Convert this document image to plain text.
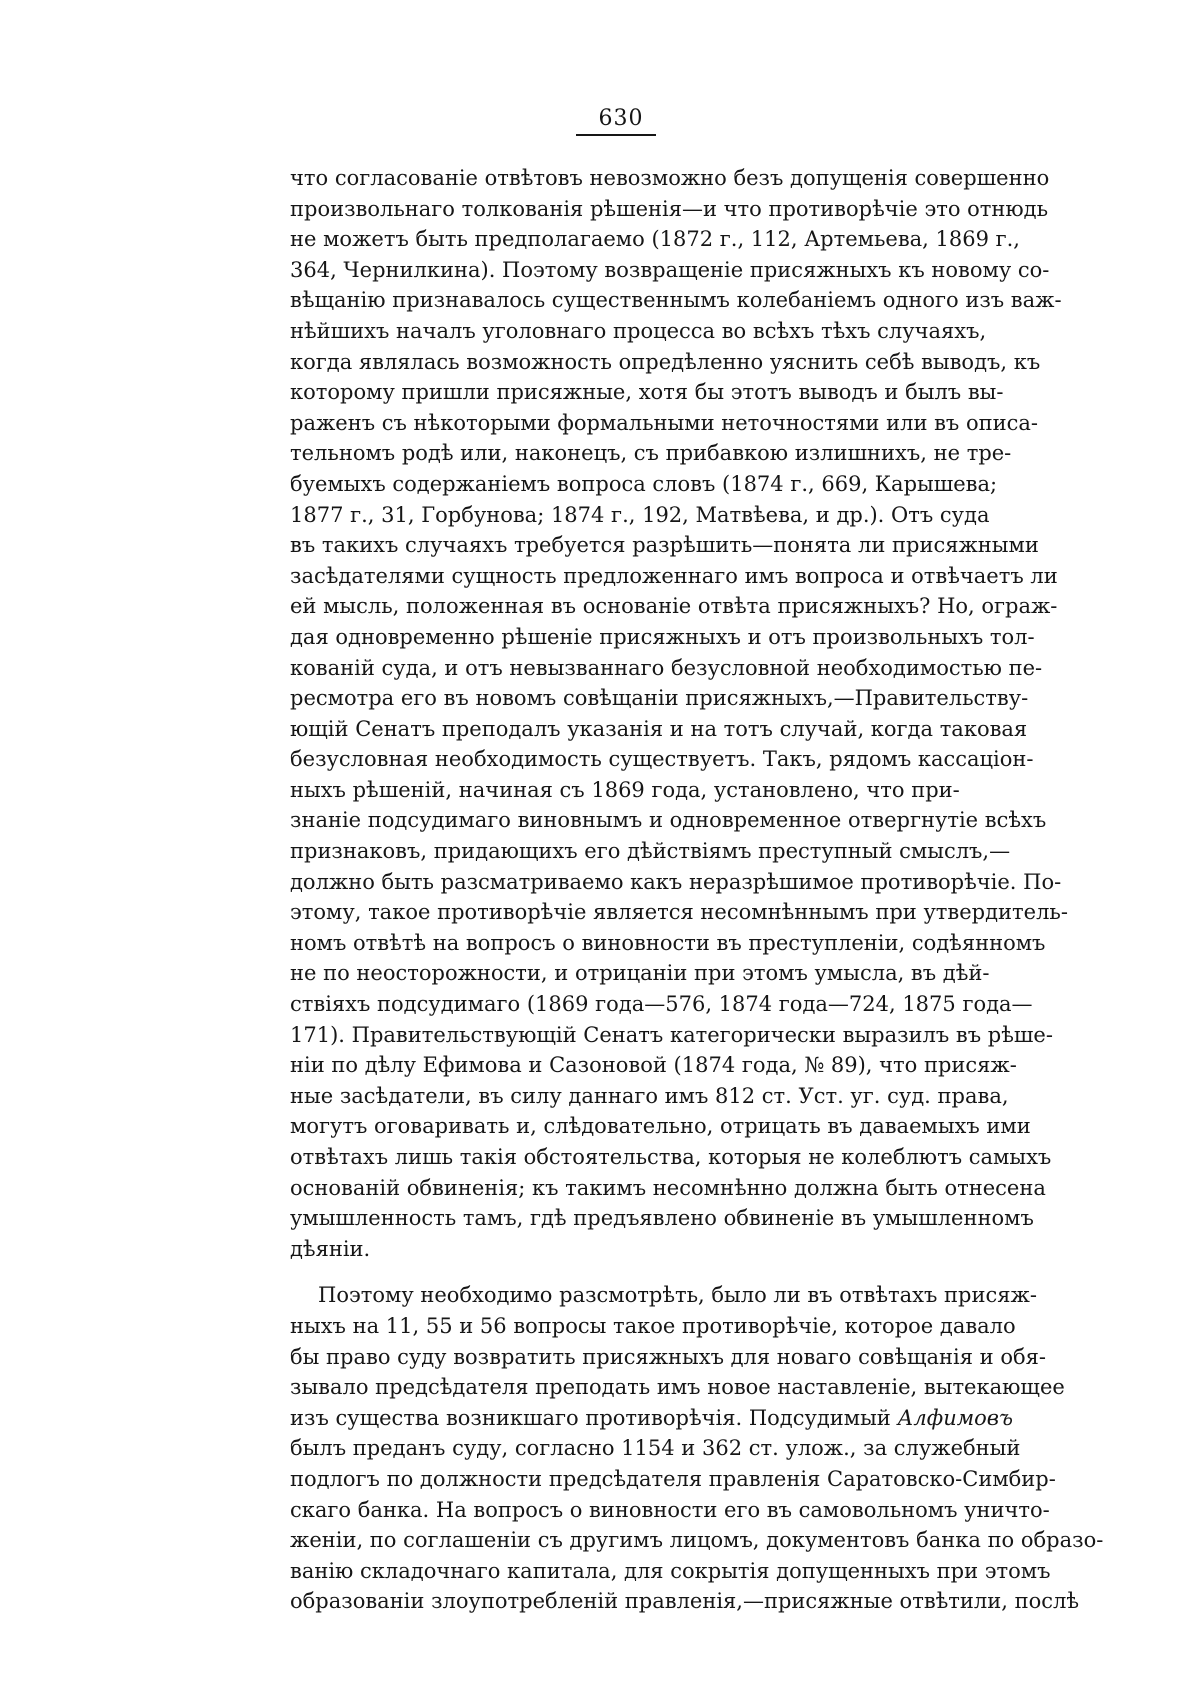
630
что согласованіе отвѣтовъ невозможно безъ допущенія совершенно
произвольнаго толкованія рѣшенія—и что противорѣчіе это отнюдь
не можетъ быть предполагаемо (1872 г., 112, Артемьева, 1869 г.,
364, Чернилкина). Поэтому возвращеніе присяжныхъ къ новому со-
вѣщанію признавалось существеннымъ колебаніемъ одного изъ важ-
нѣйшихъ началъ уголовнаго процесса во всѣхъ тѣхъ случаяхъ,
когда являлась возможность опредѣленно уяснить себѣ выводъ, къ
которому пришли присяжные, хотя бы этотъ выводъ и былъ вы-
раженъ съ нѣкоторыми формальными неточностями или въ описа-
тельномъ родѣ или, наконецъ, съ прибавкою излишнихъ, не тре-
буемыхъ содержаніемъ вопроса словъ (1874 г., 669, Карышева;
1877 г., 31, Горбунова; 1874 г., 192, Матвѣева, и др.). Отъ суда
въ такихъ случаяхъ требуется разрѣшить—понята ли присяжными
засѣдателями сущность предложеннаго имъ вопроса и отвѣчаетъ ли
ей мысль, положенная въ основаніе отвѣта присяжныхъ? Но, ограж-
дая одновременно рѣшеніе присяжныхъ и отъ произвольныхъ тол-
кованій суда, и отъ невызваннаго безусловной необходимостью пе-
ресмотра его въ новомъ совѣщаніи присяжныхъ,—Правительству-
ющій Сенатъ преподалъ указанія и на тотъ случай, когда таковая
безусловная необходимость существуетъ. Такъ, рядомъ кассаціон-
ныхъ рѣшеній, начиная съ 1869 года, установлено, что при-
знаніе подсудимаго виновнымъ и одновременное отвергнутіе всѣхъ
признаковъ, придающихъ его дѣйствіямъ преступный смыслъ,—
должно быть разсматриваемо какъ неразрѣшимое противорѣчіе. По-
этому, такое противорѣчіе является несомнѣннымъ при утвердитель-
номъ отвѣтѣ на вопросъ о виновности въ преступленіи, содѣянномъ
не по неосторожности, и отрицаніи при этомъ умысла, въ дѣй-
ствіяхъ подсудимаго (1869 года—576, 1874 года—724, 1875 года—
171). Правительствующій Сенатъ категорически выразилъ въ рѣше-
ніи по дѣлу Ефимова и Сазоновой (1874 года, № 89), что присяж-
ные засѣдатели, въ силу даннаго имъ 812 ст. Уст. уг. суд. права,
могутъ оговаривать и, слѣдовательно, отрицать въ даваемыхъ ими
отвѣтахъ лишь такія обстоятельства, которыя не колеблютъ самыхъ
основаній обвиненія; къ такимъ несомнѣнно должна быть отнесена
умышленность тамъ, гдѣ предъявлено обвиненіе въ умышленномъ
дѣяніи.
Поэтому необходимо разсмотрѣть, было ли въ отвѣтахъ присяж-
ныхъ на 11, 55 и 56 вопросы такое противорѣчіе, которое давало
бы право суду возвратить присяжныхъ для новаго совѣщанія и обя-
зывало предсѣдателя преподать имъ новое наставленіе, вытекающее
изъ существа возникшаго противорѣчія. Подсудимый Алфимовъ
былъ преданъ суду, согласно 1154 и 362 ст. улож., за служебный
подлогъ по должности предсѣдателя правленія Саратовско-Симбир-
скаго банка. На вопросъ о виновности его въ самовольномъ уничто-
женіи, по соглашеніи съ другимъ лицомъ, документовъ банка по образо-
ванію складочнаго капитала, для сокрытія допущенныхъ при этомъ
образованіи злоупотребленій правленія,—присяжные отвѣтили, послѣ
